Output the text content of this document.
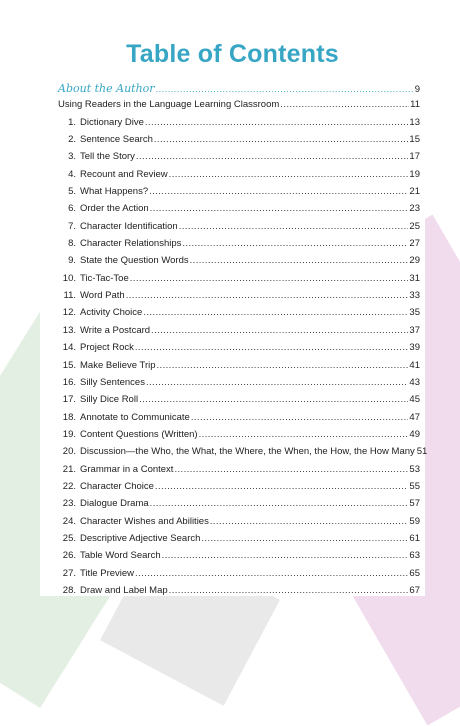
Table of Contents
About the Author .....	9
Using Readers in the Language Learning Classroom .....	11
1. Dictionary Dive .....	13
2. Sentence Search .....	15
3. Tell the Story .....	17
4. Recount and Review .....	19
5. What Happens? .....	21
6. Order the Action .....	23
7. Character Identification .....	25
8. Character Relationships .....	27
9. State the Question Words .....	29
10. Tic-Tac-Toe .....	31
11. Word Path .....	33
12. Activity Choice .....	35
13. Write a Postcard .....	37
14. Project Rock .....	39
15. Make Believe Trip .....	41
16. Silly Sentences .....	43
17. Silly Dice Roll .....	45
18. Annotate to Communicate .....	47
19. Content Questions (Written) .....	49
20. Discussion—the Who, the What, the Where, the When, the How, the How Many 51
21. Grammar in a Context .....	53
22. Character Choice .....	55
23. Dialogue Drama .....	57
24. Character Wishes and Abilities .....	59
25. Descriptive Adjective Search .....	61
26. Table Word Search .....	63
27. Title Preview .....	65
28. Draw and Label Map .....	67
